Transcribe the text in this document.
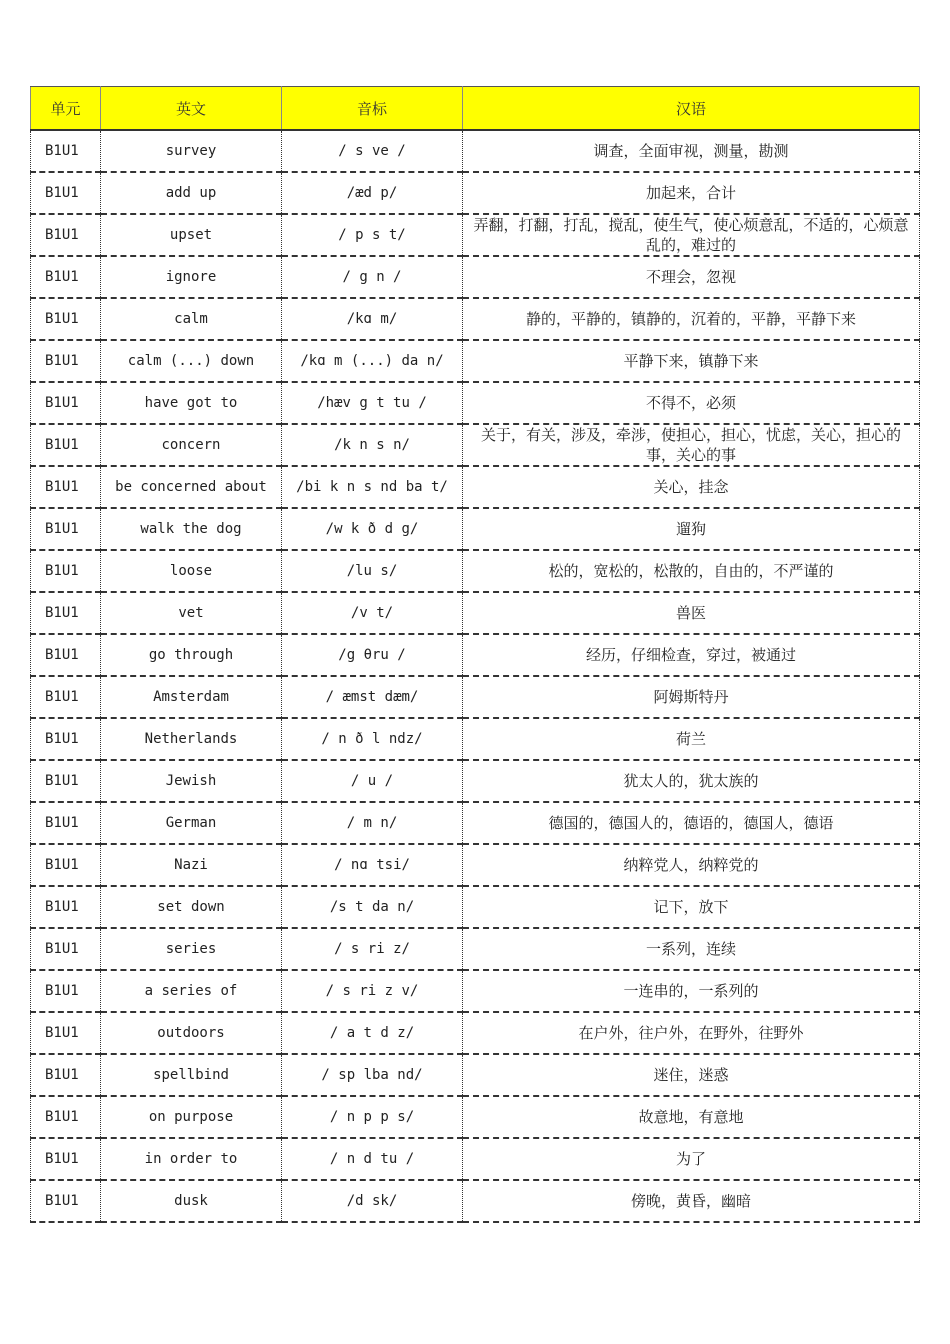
单元	英文	音标	汉语
B1U1	survey	/ s ve /	调查，全面审视，测量，勘测
B1U1	add up	/æd p/	加起来，合计
B1U1	upset	/ p s t/	弄翻，打翻，打乱，搅乱，使生气，使心烦意乱，不适的，心烦意乱的，难过的
B1U1	ignore	/ g n /	不理会，忽视
B1U1	calm	/kɑ m/	静的，平静的，镇静的，沉着的，平静，平静下来
B1U1	calm (...) down	/kɑ m (...) da n/	平静下来，镇静下来
B1U1	have got to	/hæv g t tu /	不得不，必须
B1U1	concern	/k n s n/	关于，有关，涉及，牵涉，使担心，担心，忧虑，关心，担心的事，关心的事
B1U1	be concerned about	/bi k n s nd ba t/	关心，挂念
B1U1	walk the dog	/w k ð d g/	遛狗
B1U1	loose	/lu s/	松的，宽松的，松散的，自由的，不严谨的
B1U1	vet	/v t/	兽医
B1U1	go through	/g θru /	经历，仔细检查，穿过，被通过
B1U1	Amsterdam	/ æmst dæm/	阿姆斯特丹
B1U1	Netherlands	/ n ð l ndz/	荷兰
B1U1	Jewish	/ u /	犹太人的，犹太族的
B1U1	German	/ m n/	德国的，德国人的，德语的，德国人，德语
B1U1	Nazi	/ nɑ tsi/	纳粹党人，纳粹党的
B1U1	set down	/s t da n/	记下，放下
B1U1	series	/ s ri z/	一系列，连续
B1U1	a series of	/ s ri z v/	一连串的，一系列的
B1U1	outdoors	/ a t d z/	在户外，往户外，在野外，往野外
B1U1	spellbind	/ sp lba nd/	迷住，迷惑
B1U1	on purpose	/ n p p s/	故意地，有意地
B1U1	in order to	/ n d tu /	为了
B1U1	dusk	/d sk/	傍晚，黄昏，幽暗
